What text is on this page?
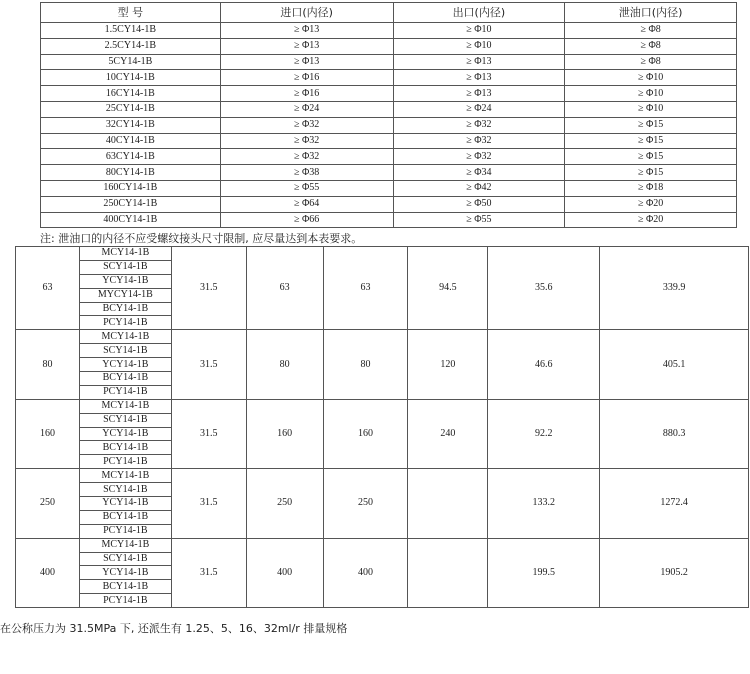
型 号	进口(内径)	出口(内径)	泄油口(内径)
1.5CY14-1B	≥ Φ13	≥ Φ10	≥ Φ8
2.5CY14-1B	≥ Φ13	≥ Φ10	≥ Φ8
5CY14-1B	≥ Φ13	≥ Φ13	≥ Φ8
10CY14-1B	≥ Φ16	≥ Φ13	≥ Φ10
16CY14-1B	≥ Φ16	≥ Φ13	≥ Φ10
25CY14-1B	≥ Φ24	≥ Φ24	≥ Φ10
32CY14-1B	≥ Φ32	≥ Φ32	≥ Φ15
40CY14-1B	≥ Φ32	≥ Φ32	≥ Φ15
63CY14-1B	≥ Φ32	≥ Φ32	≥ Φ15
80CY14-1B	≥ Φ38	≥ Φ34	≥ Φ15
160CY14-1B	≥ Φ55	≥ Φ42	≥ Φ18
250CY14-1B	≥ Φ64	≥ Φ50	≥ Φ20
400CY14-1B	≥ Φ66	≥ Φ55	≥ Φ20
注: 泄油口的内径不应受螺纹接头尺寸限制, 应尽量达到本表要求。
63	MCY14-1B	31.5	63	63	94.5	35.6	339.9
	SCY14-1B						
	YCY14-1B						
	MYCY14-1B						
	BCY14-1B						
	PCY14-1B						
80	MCY14-1B	31.5	80	80	120	46.6	405.1
	SCY14-1B						
	YCY14-1B						
	BCY14-1B						
	PCY14-1B						
160	MCY14-1B	31.5	160	160	240	92.2	880.3
	SCY14-1B						
	YCY14-1B						
	BCY14-1B						
	PCY14-1B						
250	MCY14-1B	31.5	250	250		133.2	1272.4
	SCY14-1B						
	YCY14-1B						
	BCY14-1B						
	PCY14-1B						
400	MCY14-1B	31.5	400	400		199.5	1905.2
	SCY14-1B						
	YCY14-1B						
	BCY14-1B						
	PCY14-1B						
在公称压力为 31.5MPa 下, 还派生有 1.25、5、16、32ml/r 排量规格
